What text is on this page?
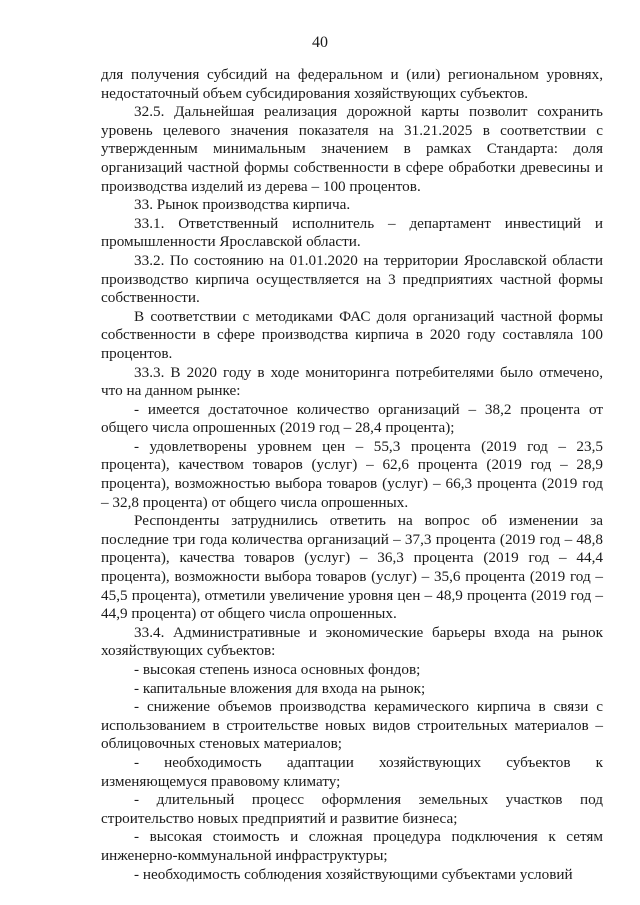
40

для получения субсидий на федеральном и (или) региональном уровнях, недостаточный объем субсидирования хозяйствующих субъектов.

32.5. Дальнейшая реализация дорожной карты позволит сохранить уровень целевого значения показателя на 31.21.2025 в соответствии с утвержденным минимальным значением в рамках Стандарта: доля организаций частной формы собственности в сфере обработки древесины и производства изделий из дерева – 100 процентов.

33. Рынок производства кирпича.

33.1. Ответственный исполнитель – департамент инвестиций и промышленности Ярославской области.

33.2. По состоянию на 01.01.2020 на территории Ярославской области производство кирпича осуществляется на 3 предприятиях частной формы собственности.

В соответствии с методиками ФАС доля организаций частной формы собственности в сфере производства кирпича в 2020 году составляла 100 процентов.

33.3. В 2020 году в ходе мониторинга потребителями было отмечено, что на данном рынке:

- имеется достаточное количество организаций – 38,2 процента от общего числа опрошенных (2019 год – 28,4 процента);

- удовлетворены уровнем цен – 55,3 процента (2019 год – 23,5 процента), качеством товаров (услуг) – 62,6 процента (2019 год – 28,9 процента), возможностью выбора товаров (услуг) – 66,3 процента (2019 год – 32,8 процента) от общего числа опрошенных.

Респонденты затруднились ответить на вопрос об изменении за последние три года количества организаций – 37,3 процента (2019 год – 48,8 процента), качества товаров (услуг) – 36,3 процента (2019 год – 44,4 процента), возможности выбора товаров (услуг) – 35,6 процента (2019 год – 45,5 процента), отметили увеличение уровня цен – 48,9 процента (2019 год – 44,9 процента) от общего числа опрошенных.

33.4. Административные и экономические барьеры входа на рынок хозяйствующих субъектов:

- высокая степень износа основных фондов;

- капитальные вложения для входа на рынок;

- снижение объемов производства керамического кирпича в связи с использованием в строительстве новых видов строительных материалов – облицовочных стеновых материалов;

- необходимость адаптации хозяйствующих субъектов к изменяющемуся правовому климату;

- длительный процесс оформления земельных участков под строительство новых предприятий и развитие бизнеса;

- высокая стоимость и сложная процедура подключения к сетям инженерно-коммунальной инфраструктуры;

- необходимость соблюдения хозяйствующими субъектами условий
